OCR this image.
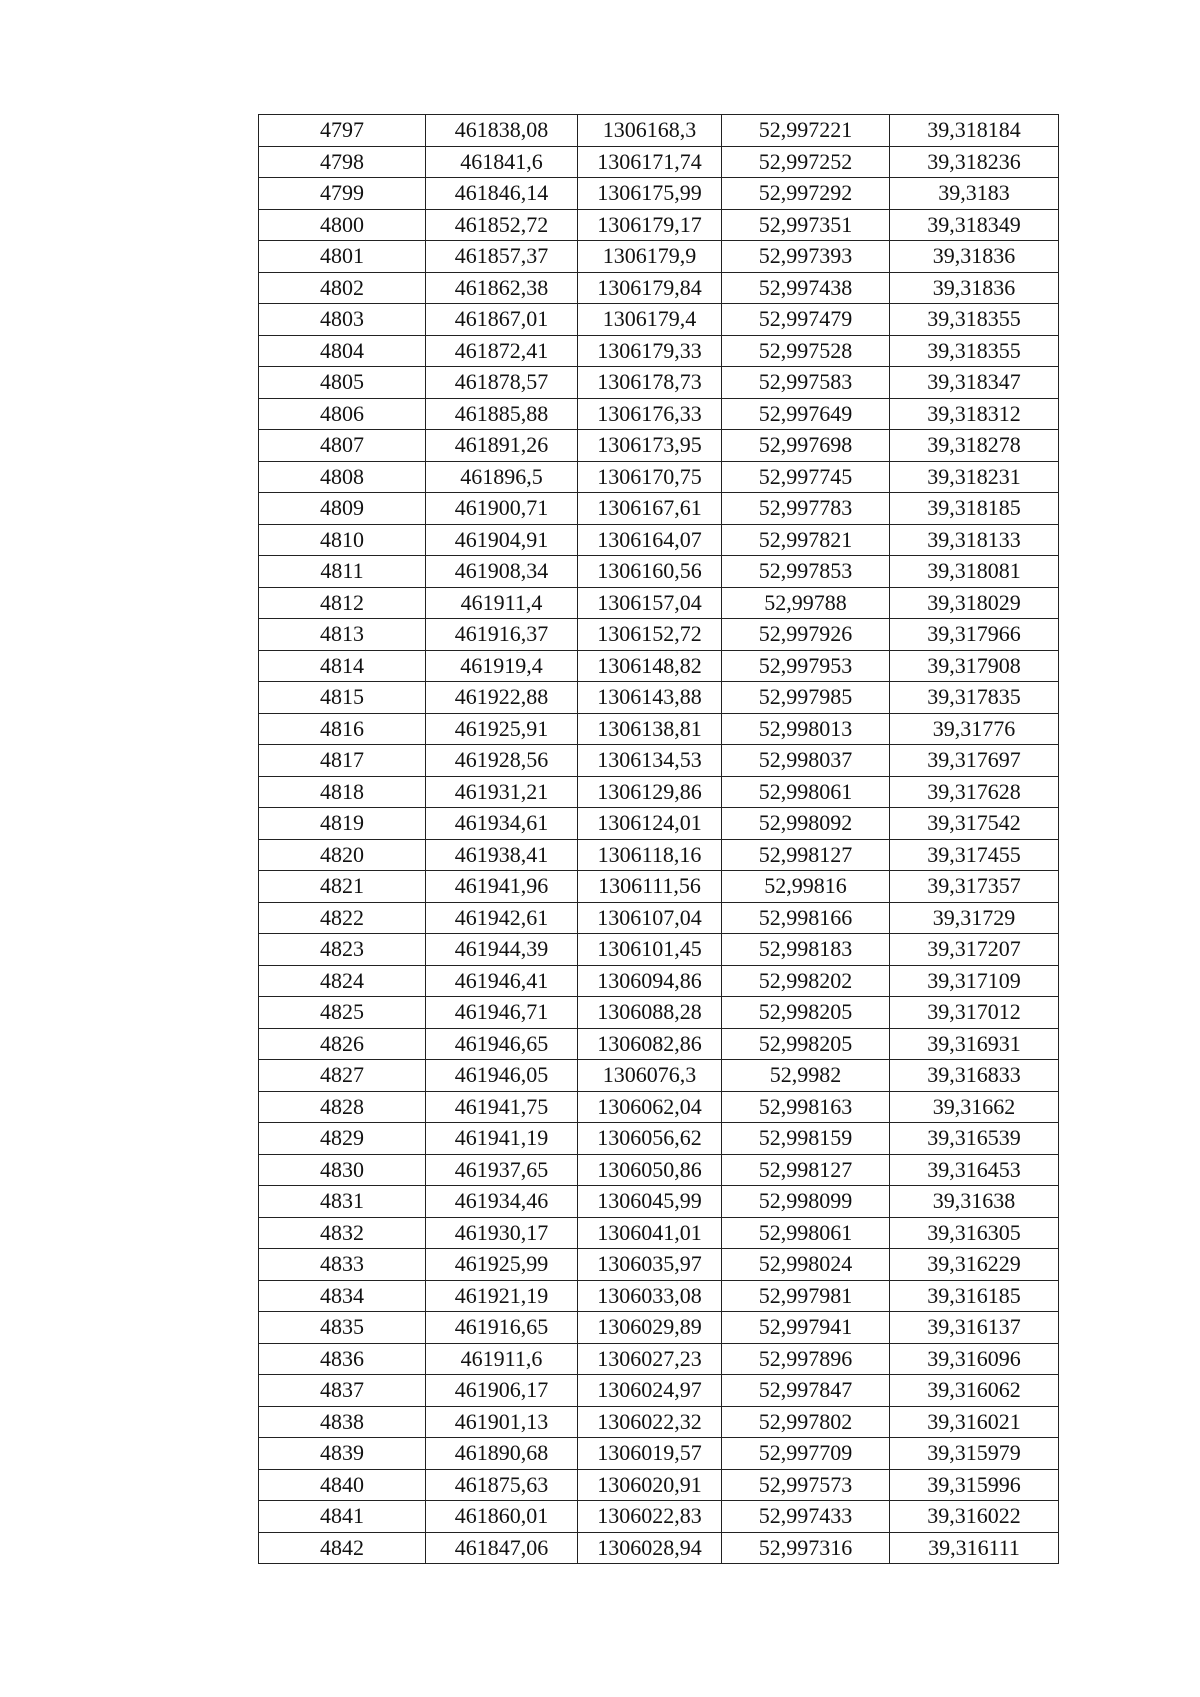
4797	461838,08	1306168,3	52,997221	39,318184
4798	461841,6	1306171,74	52,997252	39,318236
4799	461846,14	1306175,99	52,997292	39,3183
4800	461852,72	1306179,17	52,997351	39,318349
4801	461857,37	1306179,9	52,997393	39,31836
4802	461862,38	1306179,84	52,997438	39,31836
4803	461867,01	1306179,4	52,997479	39,318355
4804	461872,41	1306179,33	52,997528	39,318355
4805	461878,57	1306178,73	52,997583	39,318347
4806	461885,88	1306176,33	52,997649	39,318312
4807	461891,26	1306173,95	52,997698	39,318278
4808	461896,5	1306170,75	52,997745	39,318231
4809	461900,71	1306167,61	52,997783	39,318185
4810	461904,91	1306164,07	52,997821	39,318133
4811	461908,34	1306160,56	52,997853	39,318081
4812	461911,4	1306157,04	52,99788	39,318029
4813	461916,37	1306152,72	52,997926	39,317966
4814	461919,4	1306148,82	52,997953	39,317908
4815	461922,88	1306143,88	52,997985	39,317835
4816	461925,91	1306138,81	52,998013	39,31776
4817	461928,56	1306134,53	52,998037	39,317697
4818	461931,21	1306129,86	52,998061	39,317628
4819	461934,61	1306124,01	52,998092	39,317542
4820	461938,41	1306118,16	52,998127	39,317455
4821	461941,96	1306111,56	52,99816	39,317357
4822	461942,61	1306107,04	52,998166	39,31729
4823	461944,39	1306101,45	52,998183	39,317207
4824	461946,41	1306094,86	52,998202	39,317109
4825	461946,71	1306088,28	52,998205	39,317012
4826	461946,65	1306082,86	52,998205	39,316931
4827	461946,05	1306076,3	52,9982	39,316833
4828	461941,75	1306062,04	52,998163	39,31662
4829	461941,19	1306056,62	52,998159	39,316539
4830	461937,65	1306050,86	52,998127	39,316453
4831	461934,46	1306045,99	52,998099	39,31638
4832	461930,17	1306041,01	52,998061	39,316305
4833	461925,99	1306035,97	52,998024	39,316229
4834	461921,19	1306033,08	52,997981	39,316185
4835	461916,65	1306029,89	52,997941	39,316137
4836	461911,6	1306027,23	52,997896	39,316096
4837	461906,17	1306024,97	52,997847	39,316062
4838	461901,13	1306022,32	52,997802	39,316021
4839	461890,68	1306019,57	52,997709	39,315979
4840	461875,63	1306020,91	52,997573	39,315996
4841	461860,01	1306022,83	52,997433	39,316022
4842	461847,06	1306028,94	52,997316	39,316111
